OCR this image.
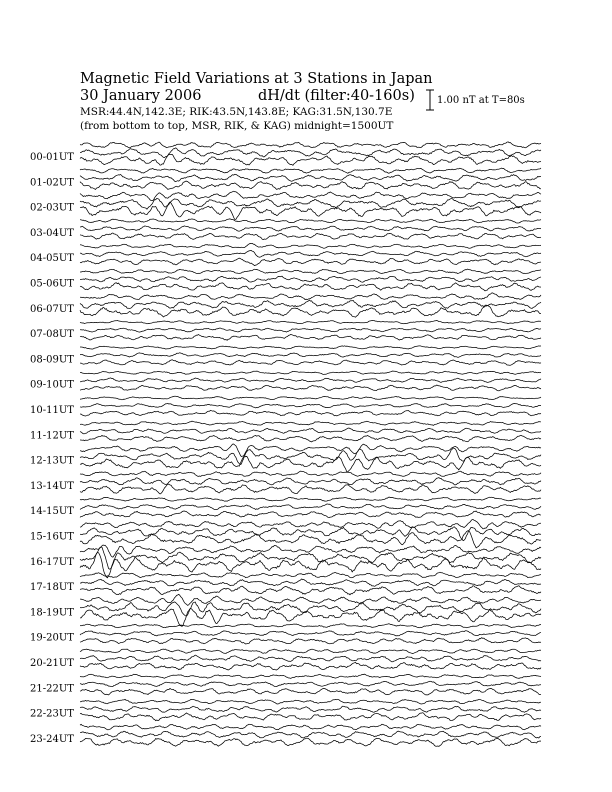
Magnetic Field Variations at 3 Stations in Japan
30 January 2006	dH/dt (filter:40-160s)
MSR:44.4N,142.3E; RIK:43.5N,143.8E; KAG:31.5N,130.7E
(from bottom to top, MSR, RIK, & KAG) midnight=1500UT
1.00 nT at T=80s
00-01UT
01-02UT
02-03UT
03-04UT
04-05UT
05-06UT
06-07UT
07-08UT
08-09UT
09-10UT
10-11UT
11-12UT
12-13UT
13-14UT
14-15UT
15-16UT
16-17UT
17-18UT
18-19UT
19-20UT
20-21UT
21-22UT
22-23UT
23-24UT
